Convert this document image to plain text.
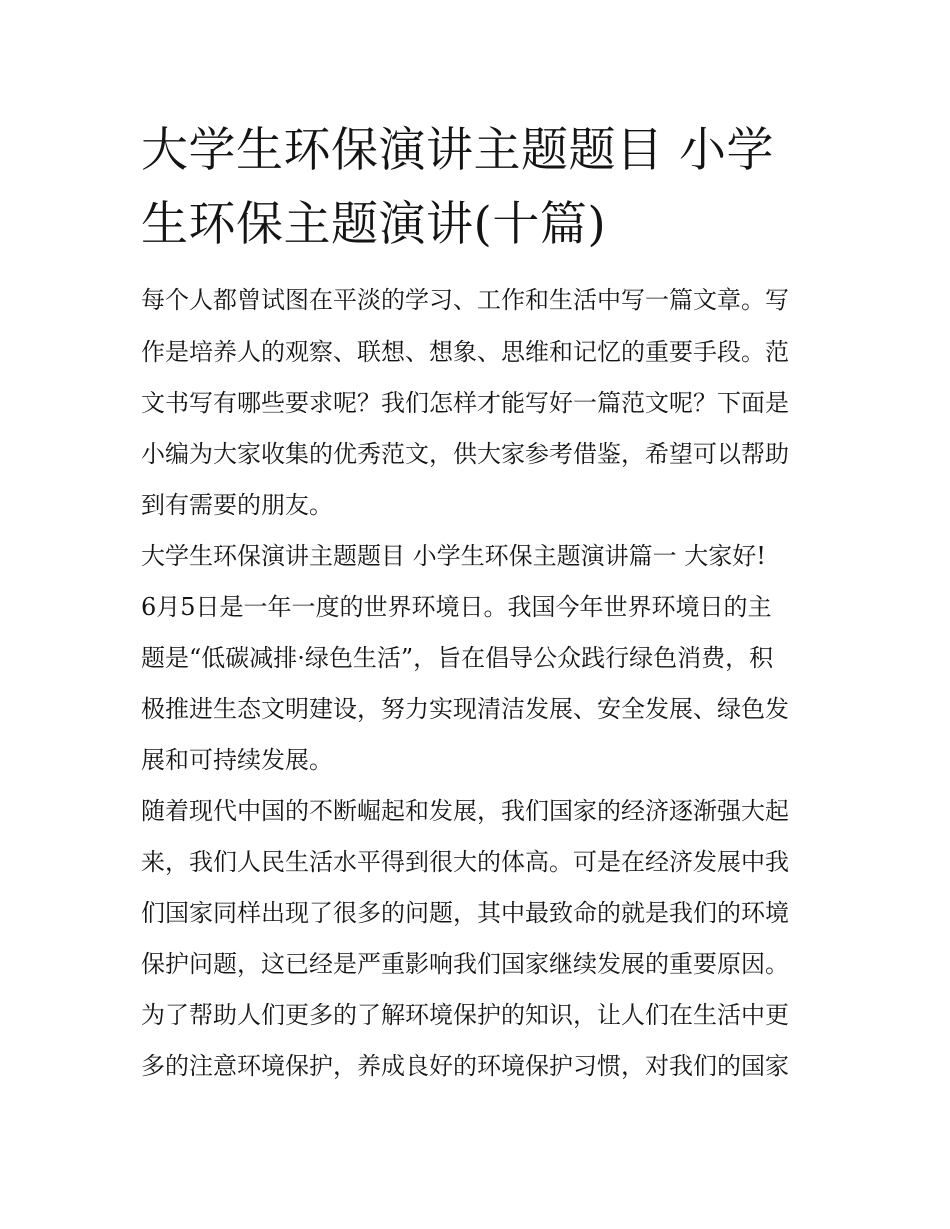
大学生环保演讲主题题目 小学
生环保主题演讲(十篇)

每个人都曾试图在平淡的学习、工作和生活中写一篇文章。写

作是培养人的观察、联想、想象、思维和记忆的重要手段。范

文书写有哪些要求呢？我们怎样才能写好一篇范文呢？下面是

小编为大家收集的优秀范文，供大家参考借鉴，希望可以帮助

到有需要的朋友。

大学生环保演讲主题题目 小学生环保主题演讲篇一 大家好!

6月5日是一年一度的世界环境日。我国今年世界环境日的主

题是“低碳减排·绿色生活”，旨在倡导公众践行绿色消费，积

极推进生态文明建设，努力实现清洁发展、安全发展、绿色发

展和可持续发展。

随着现代中国的不断崛起和发展，我们国家的经济逐渐强大起

来，我们人民生活水平得到很大的体高。可是在经济发展中我

们国家同样出现了很多的问题，其中最致命的就是我们的环境

保护问题，这已经是严重影响我们国家继续发展的重要原因。

为了帮助人们更多的了解环境保护的知识，让人们在生活中更

多的注意环境保护，养成良好的环境保护习惯，对我们的国家
